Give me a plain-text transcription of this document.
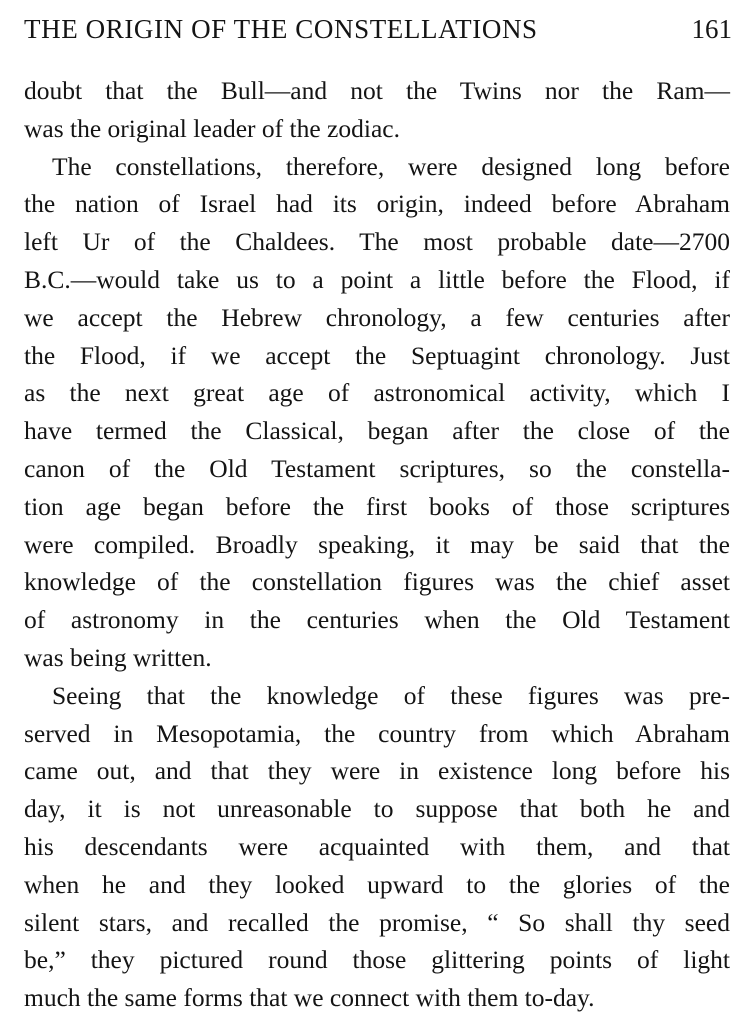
THE ORIGIN OF THE CONSTELLATIONS	161
doubt that the Bull—and not the Twins nor the Ram—
was the original leader of the zodiac.
The constellations, therefore, were designed long before
the nation of Israel had its origin, indeed before Abraham
left Ur of the Chaldees. The most probable date—2700
B.C.—would take us to a point a little before the Flood, if
we accept the Hebrew chronology, a few centuries after
the Flood, if we accept the Septuagint chronology. Just
as the next great age of astronomical activity, which I
have termed the Classical, began after the close of the
canon of the Old Testament scriptures, so the constella-
tion age began before the first books of those scriptures
were compiled. Broadly speaking, it may be said that the
knowledge of the constellation figures was the chief asset
of astronomy in the centuries when the Old Testament
was being written.
Seeing that the knowledge of these figures was pre-
served in Mesopotamia, the country from which Abraham
came out, and that they were in existence long before his
day, it is not unreasonable to suppose that both he and
his descendants were acquainted with them, and that
when he and they looked upward to the glories of the
silent stars, and recalled the promise, “ So shall thy seed
be,” they pictured round those glittering points of light
much the same forms that we connect with them to-day.
